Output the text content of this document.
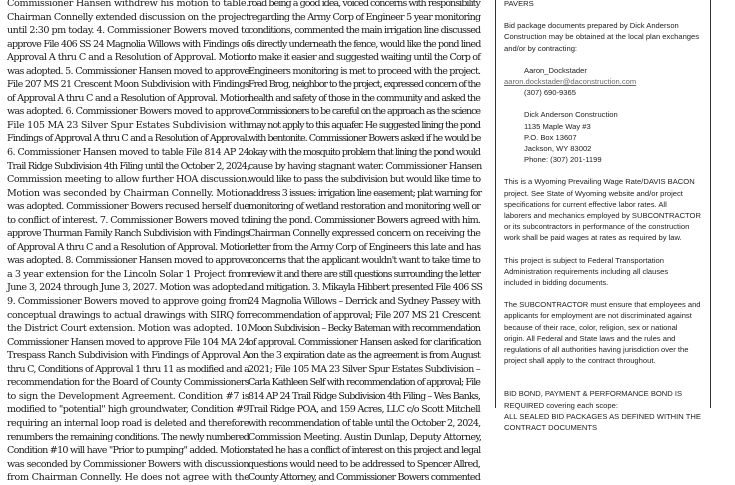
Commissioner Hansen withdrew his motion to table.

Chairman Connelly extended discussion on the project

until 2:30 pm today. 4. Commissioner Bowers moved to

approve File 406 SS 24 Magnolia Willows with Findings of

Approval A thru C and a Resolution of Approval. Motion

was adopted. 5. Commissioner Hansen moved to approve

File 207 MS 21 Crescent Moon Subdivision with Findings

of Approval A thru C and a Resolution of Approval. Motion

was adopted. 6. Commissioner Bowers moved to approve

File 105 MA 23 Silver Spur Estates Subdivision with

Findings of Approval A thru C and a Resolution of Approval.

6. Commissioner Hansen moved to table File 814 AP 24

Trail Ridge Subdivision 4th Filing until the October 2, 2024,

Commission meeting to allow further HOA discussion.

Motion was seconded by Chairman Connelly. Motion

was adopted. Commissioner Bowers recused herself due

to conflict of interest. 7. Commissioner Bowers moved to

approve Thurman Family Ranch Subdivision with Findings

of Approval A thru C and a Resolution of Approval. Motion

was adopted. 8. Commissioner Hansen moved to approve

a 3 year extension for the Lincoln Solar 1 Project from

June 3, 2024 through June 3, 2027. Motion was adopted.

9. Commissioner Bowers moved to approve going from

conceptual drawings to actual drawings with SIRQ for

the District Court extension. Motion was adopted. 10.

Commissioner Hansen moved to approve File 104 MA 24

Trespass Ranch Subdivision with Findings of Approval A

thru C, Conditions of Approval 1 thru 11 as modified and a

recommendation for the Board of County Commissioners

to sign the Development Agreement. Condition #7 is

modified to "potential" high groundwater, Condition #9

requiring an internal loop road is deleted and therefore

renumbers the remaining conditions. The newly numbered

Condition #10 will have "Prior to pumping" added. Motion

was seconded by Commissioner Bowers with discussion

from Chairman Connelly. He does not agree with the

road being a good idea, voiced concerns with responsibility

regarding the Army Corp of Engineer 5 year monitoring

conditions, commented the main irrigation line discussed

is directly underneath the fence, would like the pond lined

to make it easier and suggested waiting until the Corp of

Engineers monitoring is met to proceed with the project.

Fred Brog, neighbor to the project, expressed concern of the

health and safety of those in the community and asked the

Commissioners to be careful on the approach as the science

may not apply to this aquafer. He suggested lining the pond

with bentonite. Commissioner Bowers asked if he would be

okay with the mosquito problem that lining the pond would

cause by having stagnant water. Commissioner Hansen

would like to pass the subdivision but would like time to

address 3 issues: irrigation line easement; plat warning for

monitoring of wetland restoration and monitoring well or

lining the pond. Commissioner Bowers agreed with him.

Chairman Connelly expressed concern on receiving the

letter from the Army Corp of Engineers this late and has

concerns that the applicant wouldn't want to take time to

review it and there are still questions surrounding the letter

and mitigation. 3. Mikayla Hibbert presented File 406 SS

24 Magnolia Willows – Derrick and Sydney Passey with

recommendation of approval; File 207 MS 21 Crescent

Moon Subdivision – Becky Bateman with recommendation

of approval. Commissioner Hansen asked for clarification

on the 3 expiration date as the agreement is from August

2021; File 105 MA 23 Silver Spur Estates Subdivision –

Carla Kathleen Self with recommendation of approval; File

814 AP 24 Trail Ridge Subdivision 4th Filing – Wes Banks,

Trail Ridge POA, and 159 Acres, LLC c/o Scott Mitchell

with recommendation of table until the October 2, 2024,

Commission Meeting. Austin Dunlap, Deputy Attorney,

stated he has a conflict of interest on this project and legal

questions would need to be addressed to Spencer Allred,

County Attorney, and Commissioner Bowers commented

PAVERS

Bid package documents prepared by Dick Anderson

Construction may be obtained at the local plan exchanges

and/or by contracting:

Aaron_Dockstader

aaron.dockstader@daconstruction.com

(307) 690-9365

Dick Anderson Construction

1135 Maple Way #3

P.O. Box 13607

Jackson, WY 83002

Phone: (307) 201-1199

This is a Wyoming Prevailing Wage Rate/DAVIS BACON

project. See State of Wyoming website and/or project

specifications for current effective labor rates. All

laborers and mechanics employed by SUBCONTRACTOR

or its subcontractors in performance of the construction

work shall be paid wages at rates as required by law.

This project is subject to Federal Transportation

Administration requirements including all clauses

included in bidding documents.

The SUBCONTRACTOR must ensure that employees and

applicants for employment are not discriminated against

because of their race, color, religion, sex or national

origin. All Federal and State laws and the rules and

regulations of all authorities having jurisdiction over the

project shall apply to the contract throughout.

BID BOND, PAYMENT & PERFORMANCE BOND IS

REQUIRED covering each scope:

ALL SEALED BID PACKAGES AS DEFINED WITHIN THE

CONTRACT DOCUMENTS
